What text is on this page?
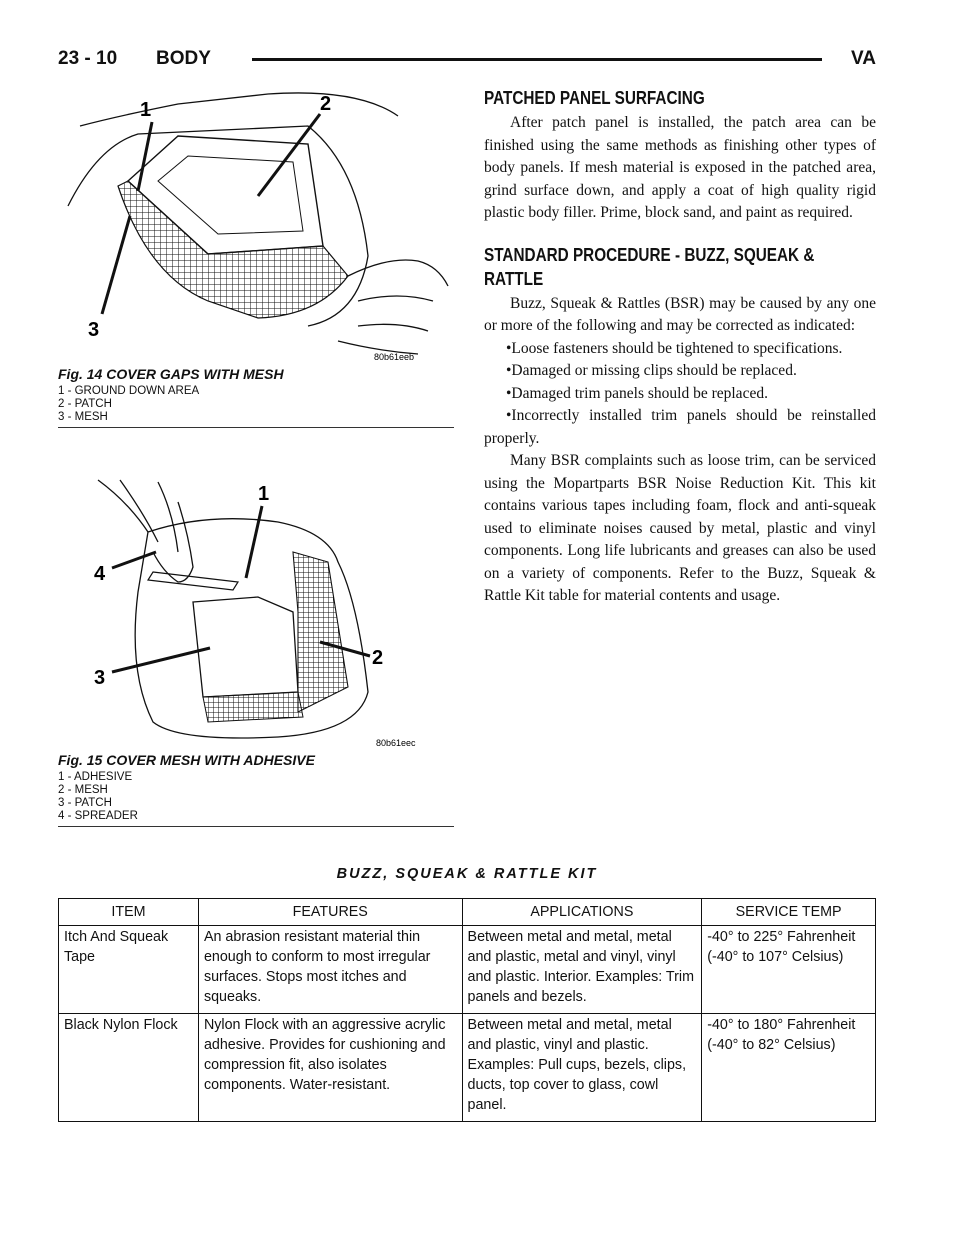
23 - 10 BODY	VA
1	2
3
80b61eeb

Fig. 14 COVER GAPS WITH MESH

1 - GROUND DOWN AREA
2 - PATCH
3 - MESH
1
2
3
4
80b61eec

Fig. 15 COVER MESH WITH ADHESIVE

1 - ADHESIVE
2 - MESH
3 - PATCH
4 - SPREADER
PATCHED PANEL SURFACING

After patch panel is installed, the patch area can be finished using the same methods as finishing other types of body panels. If mesh material is exposed in the patched area, grind surface down, and apply a coat of high quality rigid plastic body filler. Prime, block sand, and paint as required.

STANDARD PROCEDURE - BUZZ, SQUEAK & RATTLE

Buzz, Squeak & Rattles (BSR) may be caused by any one or more of the following and may be corrected as indicated:

•Loose fasteners should be tightened to specifications.

•Damaged or missing clips should be replaced.

•Damaged trim panels should be replaced.

•Incorrectly installed trim panels should be reinstalled properly.

Many BSR complaints such as loose trim, can be serviced using the Mopartparts BSR Noise Reduction Kit. This kit contains various tapes including foam, flock and anti-squeak used to eliminate noises caused by metal, plastic and vinyl components. Long life lubricants and greases can also be used on a variety of components. Refer to the Buzz, Squeak & Rattle Kit table for material contents and usage.

BUZZ, SQUEAK & RATTLE KIT
ITEM	FEATURES	APPLICATIONS	SERVICE TEMP
Itch And Squeak Tape	An abrasion resistant material thin enough to conform to most irregular surfaces. Stops most itches and squeaks.	Between metal and metal, metal and plastic, metal and vinyl, vinyl and plastic. Interior. Examples: Trim panels and bezels.	-40° to 225° Fahrenheit
(-40° to 107° Celsius)

Black Nylon Flock	Nylon Flock with an aggressive acrylic adhesive. Provides for cushioning and compression fit, also isolates components. Water-resistant.	Between metal and metal, metal and plastic, vinyl and plastic. Examples: Pull cups, bezels, clips, ducts, top cover to glass, cowl panel.	-40° to 180° Fahrenheit
(-40° to 82° Celsius)
